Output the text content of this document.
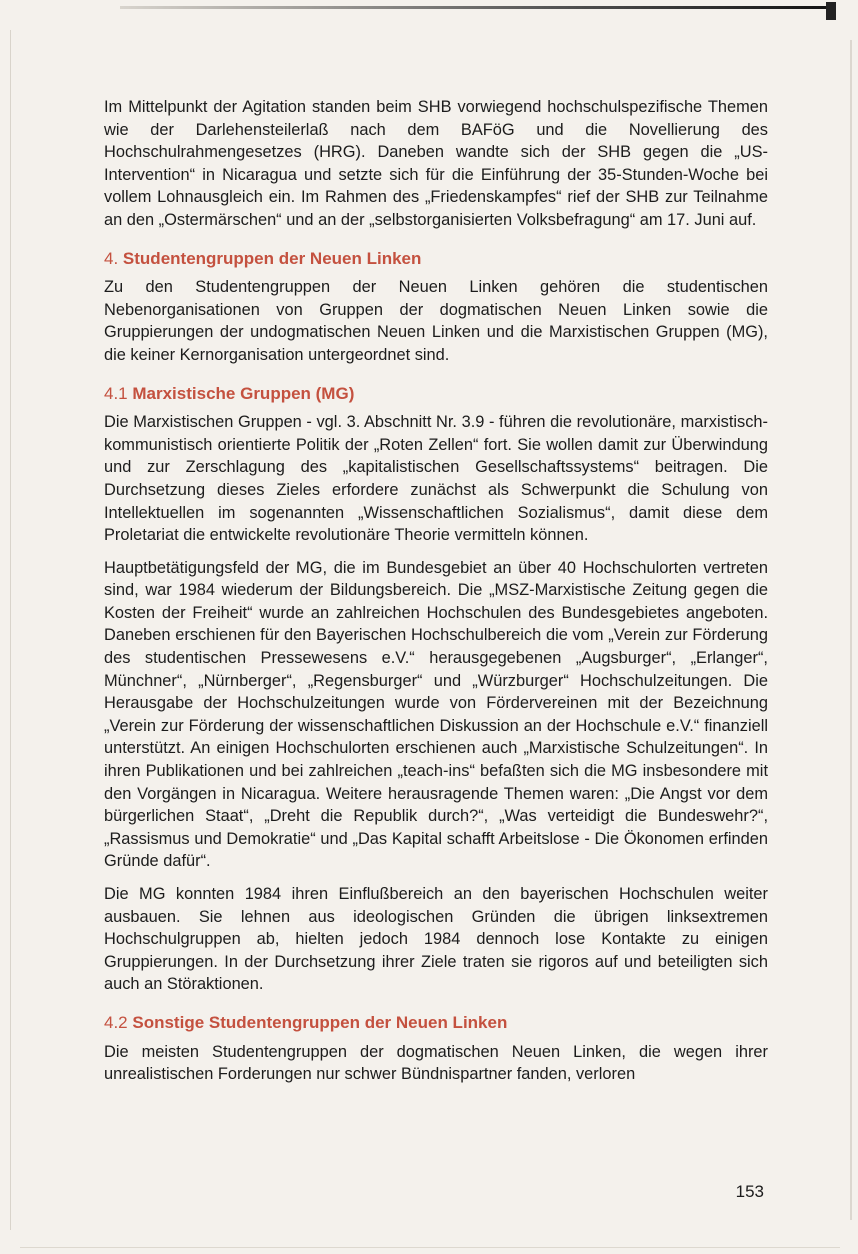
Im Mittelpunkt der Agitation standen beim SHB vorwiegend hochschulspezifische Themen wie der Darlehensteilerlaß nach dem BAFöG und die Novellierung des Hochschulrahmengesetzes (HRG). Daneben wandte sich der SHB gegen die „US-Intervention“ in Nicaragua und setzte sich für die Einführung der 35-Stunden-Woche bei vollem Lohnausgleich ein. Im Rahmen des „Friedenskampfes“ rief der SHB zur Teilnahme an den „Ostermärschen“ und an der „selbstorganisierten Volksbefragung“ am 17. Juni auf.

4. Studentengruppen der Neuen Linken

Zu den Studentengruppen der Neuen Linken gehören die studentischen Nebenorganisationen von Gruppen der dogmatischen Neuen Linken sowie die Gruppierungen der undogmatischen Neuen Linken und die Marxistischen Gruppen (MG), die keiner Kernorganisation untergeordnet sind.

4.1 Marxistische Gruppen (MG)

Die Marxistischen Gruppen - vgl. 3. Abschnitt Nr. 3.9 - führen die revolutionäre, marxistisch-kommunistisch orientierte Politik der „Roten Zellen“ fort. Sie wollen damit zur Überwindung und zur Zerschlagung des „kapitalistischen Gesellschaftssystems“ beitragen. Die Durchsetzung dieses Zieles erfordere zunächst als Schwerpunkt die Schulung von Intellektuellen im sogenannten „Wissenschaftlichen Sozialismus“, damit diese dem Proletariat die entwickelte revolutionäre Theorie vermitteln können.

Hauptbetätigungsfeld der MG, die im Bundesgebiet an über 40 Hochschulorten vertreten sind, war 1984 wiederum der Bildungsbereich. Die „MSZ-Marxistische Zeitung gegen die Kosten der Freiheit“ wurde an zahlreichen Hochschulen des Bundesgebietes angeboten. Daneben erschienen für den Bayerischen Hochschulbereich die vom „Verein zur Förderung des studentischen Pressewesens e.V.“ herausgegebenen „Augsburger“, „Erlanger“, Münchner“, „Nürnberger“, „Regensburger“ und „Würzburger“ Hochschulzeitungen. Die Herausgabe der Hochschulzeitungen wurde von Fördervereinen mit der Bezeichnung „Verein zur Förderung der wissenschaftlichen Diskussion an der Hochschule e.V.“ finanziell unterstützt. An einigen Hochschulorten erschienen auch „Marxistische Schulzeitungen“. In ihren Publikationen und bei zahlreichen „teach-ins“ befaßten sich die MG insbesondere mit den Vorgängen in Nicaragua. Weitere herausragende Themen waren: „Die Angst vor dem bürgerlichen Staat“, „Dreht die Republik durch?“, „Was verteidigt die Bundeswehr?“, „Rassismus und Demokratie“ und „Das Kapital schafft Arbeitslose - Die Ökonomen erfinden Gründe dafür“.

Die MG konnten 1984 ihren Einflußbereich an den bayerischen Hochschulen weiter ausbauen. Sie lehnen aus ideologischen Gründen die übrigen linksextremen Hochschulgruppen ab, hielten jedoch 1984 dennoch lose Kontakte zu einigen Gruppierungen. In der Durchsetzung ihrer Ziele traten sie rigoros auf und beteiligten sich auch an Störaktionen.

4.2 Sonstige Studentengruppen der Neuen Linken

Die meisten Studentengruppen der dogmatischen Neuen Linken, die wegen ihrer unrealistischen Forderungen nur schwer Bündnispartner fanden, verloren

153
